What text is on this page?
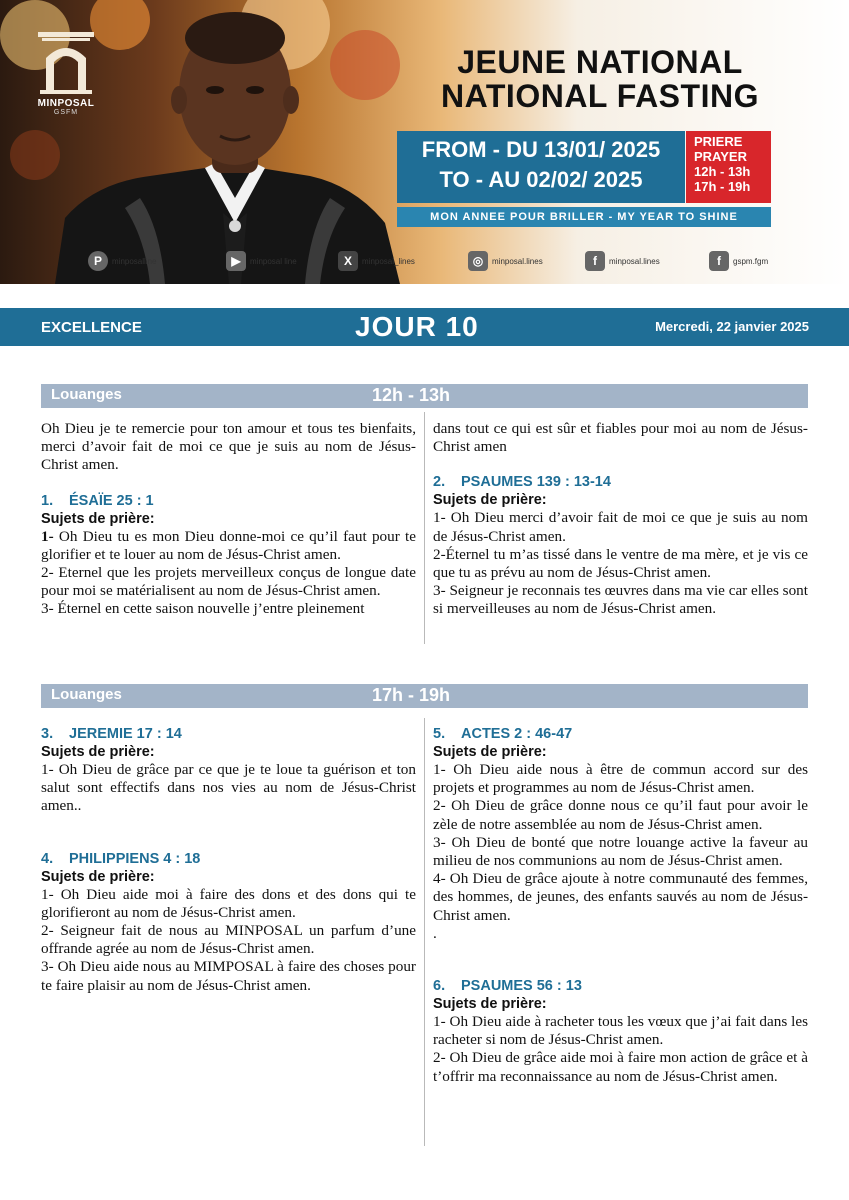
MINPOSAL
GSFM
JEUNE NATIONAL
NATIONAL FASTING
FROM - DU 13/01/ 2025
TO - AU 02/02/ 2025
PRIERE
PRAYER
12h - 13h
17h - 19h
MON ANNEE POUR BRILLER - MY YEAR TO SHINE
P	minposalline	▶	minposal line	X	minposal_lines	◎	minposal.lines	f	minposal.lines	f	gspm.fgm
EXCELLENCE	JOUR 10	Mercredi, 22 janvier 2025
Louanges	12h - 13h

Oh Dieu je te remercie pour ton amour et tous tes bienfaits, merci d’avoir fait de moi ce que je suis au nom de Jésus-Christ amen.

1. ÉSAÏE 25 : 1
Sujets de prière:

1- Oh Dieu tu es mon Dieu donne-moi ce qu’il faut pour te glorifier et te louer au nom de Jésus-Christ amen.

2- Eternel que les projets merveilleux conçus de longue date pour moi se matérialisent au nom de Jésus-Christ amen.

3- Éternel en cette saison nouvelle j’entre pleinement

dans tout ce qui est sûr et fiables pour moi au nom de Jésus-Christ amen

2. PSAUMES 139 : 13-14
Sujets de prière:

1- Oh Dieu merci d’avoir fait de moi ce que je suis au nom de Jésus-Christ amen.

2-Éternel tu m’as tissé dans le ventre de ma mère, et je vis ce que tu as prévu au nom de Jésus-Christ amen.

3- Seigneur je reconnais tes œuvres dans ma vie car elles sont si merveilleuses au nom de Jésus-Christ amen.

Louanges	17h - 19h
3. JEREMIE 17 : 14
Sujets de prière:

1- Oh Dieu de grâce par ce que je te loue ta guérison et ton salut sont effectifs dans nos vies au nom de Jésus-Christ amen..

4. PHILIPPIENS 4 : 18
Sujets de prière:

1- Oh Dieu aide moi à faire des dons et des dons qui te glorifieront au nom de Jésus-Christ amen.

2- Seigneur fait de nous au MINPOSAL un parfum d’une offrande agrée au nom de Jésus-Christ amen.

3- Oh Dieu aide nous au MIMPOSAL à faire des choses pour te faire plaisir au nom de Jésus-Christ amen.

5. ACTES 2 : 46-47
Sujets de prière:

1- Oh Dieu aide nous à être de commun accord sur des projets et programmes au nom de Jésus-Christ amen.

2- Oh Dieu de grâce donne nous ce qu’il faut pour avoir le zèle de notre assemblée au nom de Jésus-Christ amen.

3- Oh Dieu de bonté que notre louange active la faveur au milieu de nos communions au nom de Jésus-Christ amen.

4- Oh Dieu de grâce ajoute à notre communauté des femmes, des hommes, de jeunes, des enfants sauvés au nom de Jésus-Christ amen.

.

6. PSAUMES 56 : 13
Sujets de prière:

1- Oh Dieu aide à racheter tous les vœux que j’ai fait dans les racheter si nom de Jésus-Christ amen.

2- Oh Dieu de grâce aide moi à faire mon action de grâce et à t’offrir ma reconnaissance au nom de Jésus-Christ amen.
